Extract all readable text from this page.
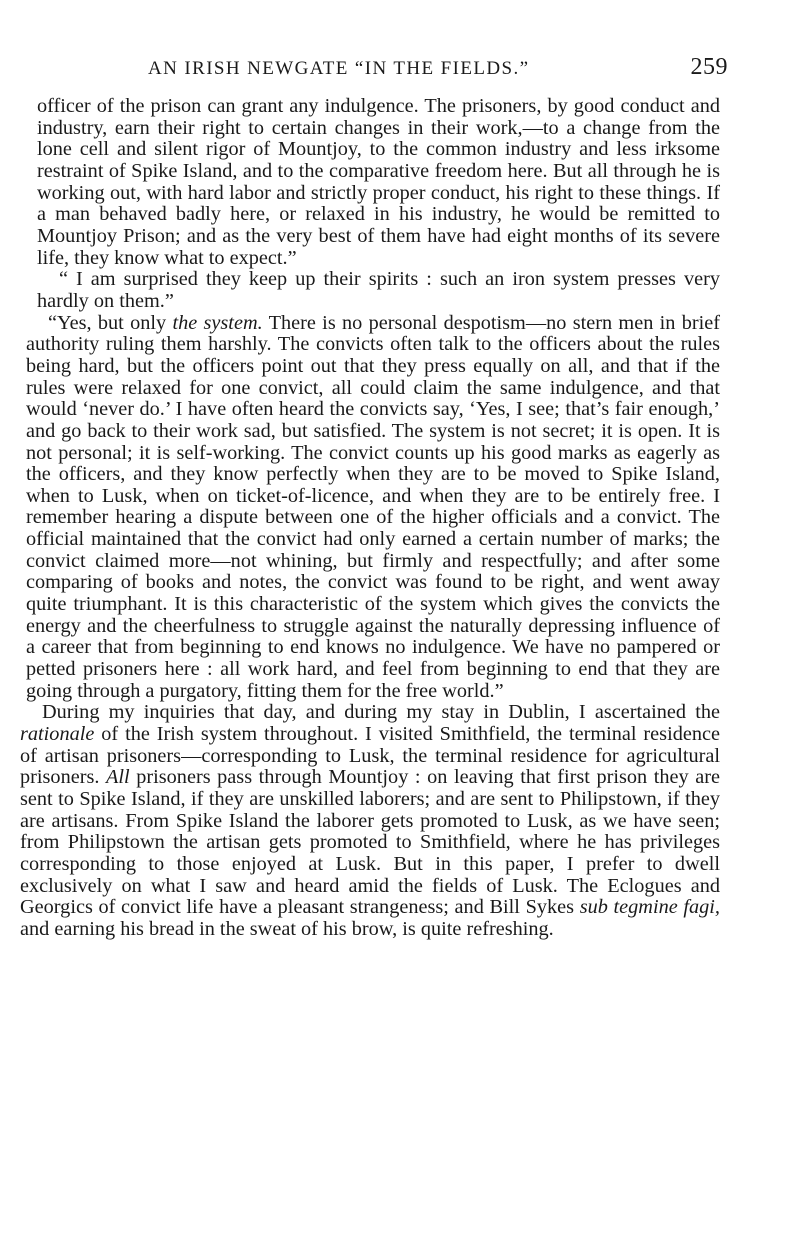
AN IRISH NEWGATE “IN THE FIELDS.”	259

officer of the prison can grant any indulgence. The prisoners, by good conduct and industry, earn their right to certain changes in their work,—to a change from the lone cell and silent rigor of Mountjoy, to the common industry and less irksome restraint of Spike Island, and to the comparative freedom here. But all through he is working out, with hard labor and strictly proper conduct, his right to these things. If a man behaved badly here, or relaxed in his industry, he would be remitted to Mountjoy Prison; and as the very best of them have had eight months of its severe life, they know what to expect.”

“ I am surprised they keep up their spirits : such an iron system presses very hardly on them.”

“Yes, but only the system. There is no personal despotism—no stern men in brief authority ruling them harshly. The convicts often talk to the officers about the rules being hard, but the officers point out that they press equally on all, and that if the rules were relaxed for one convict, all could claim the same indulgence, and that would ‘never do.’ I have often heard the convicts say, ‘Yes, I see; that’s fair enough,’ and go back to their work sad, but satisfied. The system is not secret; it is open. It is not personal; it is self-working. The convict counts up his good marks as eagerly as the officers, and they know perfectly when they are to be moved to Spike Island, when to Lusk, when on ticket-of-licence, and when they are to be entirely free. I remember hearing a dispute between one of the higher officials and a convict. The official maintained that the convict had only earned a certain number of marks; the convict claimed more—not whining, but firmly and respectfully; and after some comparing of books and notes, the convict was found to be right, and went away quite triumphant. It is this characteristic of the system which gives the convicts the energy and the cheerfulness to struggle against the naturally depressing influence of a career that from beginning to end knows no indulgence. We have no pampered or petted prisoners here : all work hard, and feel from beginning to end that they are going through a purgatory, fitting them for the free world.”

During my inquiries that day, and during my stay in Dublin, I ascertained the rationale of the Irish system throughout. I visited Smithfield, the terminal residence of artisan prisoners—corresponding to Lusk, the terminal residence for agricultural prisoners. All prisoners pass through Mountjoy : on leaving that first prison they are sent to Spike Island, if they are unskilled laborers; and are sent to Philipstown, if they are artisans. From Spike Island the laborer gets promoted to Lusk, as we have seen; from Philipstown the artisan gets promoted to Smithfield, where he has privileges corresponding to those enjoyed at Lusk. But in this paper, I prefer to dwell exclusively on what I saw and heard amid the fields of Lusk. The Eclogues and Georgics of convict life have a pleasant strangeness; and Bill Sykes sub tegmine fagi, and earning his bread in the sweat of his brow, is quite refreshing.
